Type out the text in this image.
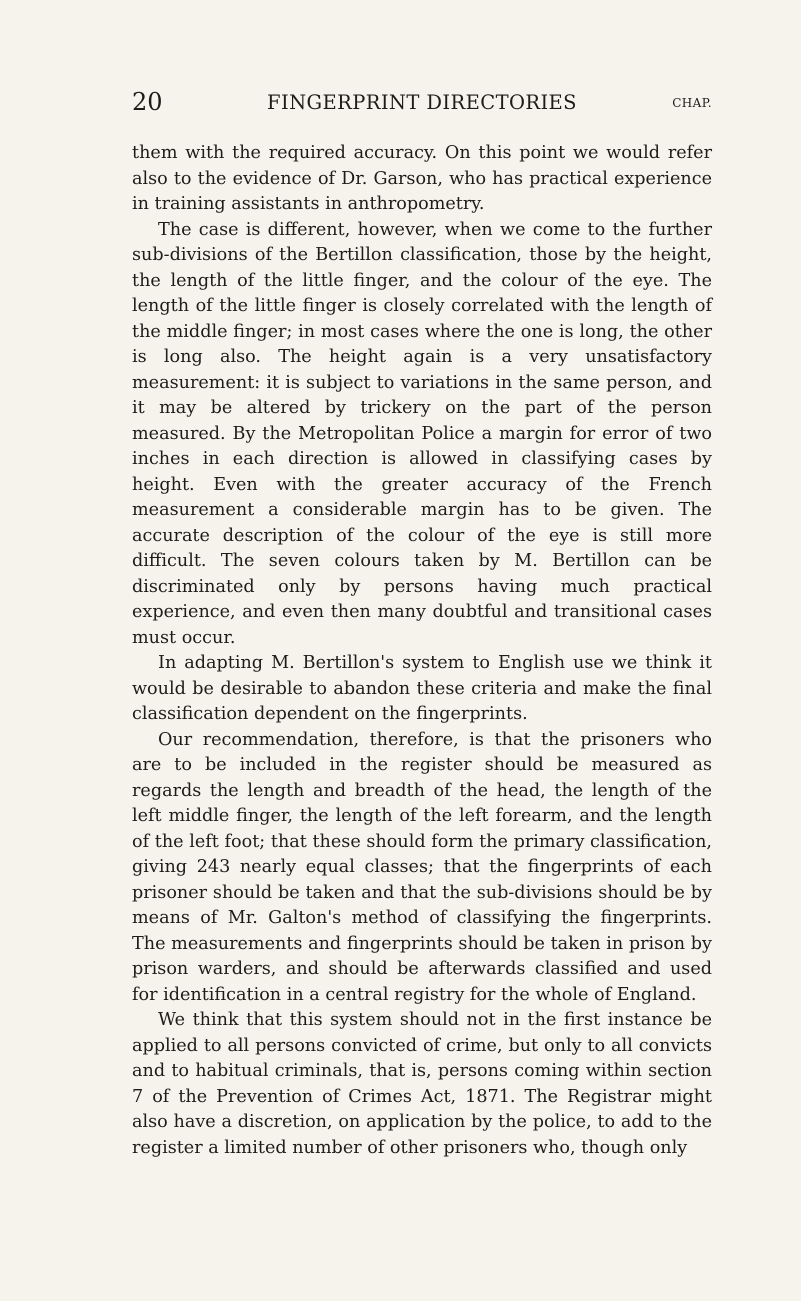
20	FINGERPRINT DIRECTORIES	CHAP.

them with the required accuracy. On this point we would refer also to the evidence of Dr. Garson, who has practical experience in training assistants in anthropometry.

The case is different, however, when we come to the further sub-divisions of the Bertillon classification, those by the height, the length of the little finger, and the colour of the eye. The length of the little finger is closely correlated with the length of the middle finger; in most cases where the one is long, the other is long also. The height again is a very unsatisfactory measurement: it is subject to variations in the same person, and it may be altered by trickery on the part of the person measured. By the Metropolitan Police a margin for error of two inches in each direction is allowed in classifying cases by height. Even with the greater accuracy of the French measurement a considerable margin has to be given. The accurate description of the colour of the eye is still more difficult. The seven colours taken by M. Bertillon can be discriminated only by persons having much practical experience, and even then many doubtful and transitional cases must occur.

In adapting M. Bertillon's system to English use we think it would be desirable to abandon these criteria and make the final classification dependent on the fingerprints.

Our recommendation, therefore, is that the prisoners who are to be included in the register should be measured as regards the length and breadth of the head, the length of the left middle finger, the length of the left forearm, and the length of the left foot; that these should form the primary classification, giving 243 nearly equal classes; that the fingerprints of each prisoner should be taken and that the sub-divisions should be by means of Mr. Galton's method of classifying the fingerprints. The measurements and fingerprints should be taken in prison by prison warders, and should be afterwards classified and used for identification in a central registry for the whole of England.

We think that this system should not in the first instance be applied to all persons convicted of crime, but only to all convicts and to habitual criminals, that is, persons coming within section 7 of the Prevention of Crimes Act, 1871. The Registrar might also have a discretion, on application by the police, to add to the register a limited number of other prisoners who, though only
